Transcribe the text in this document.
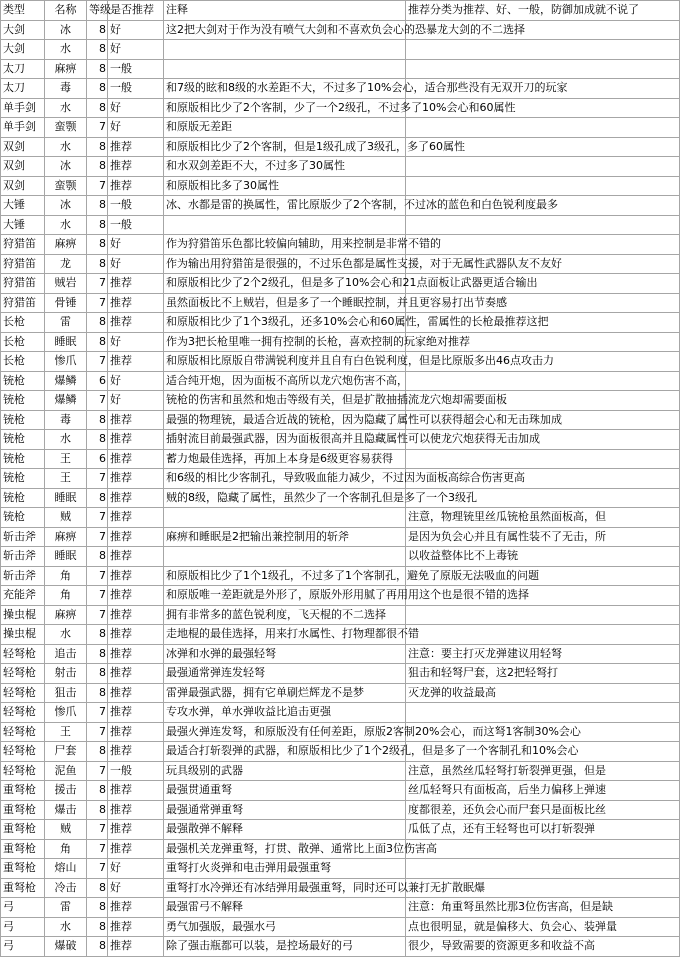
类型	名称	等级	是否推荐	注释	推荐分类为推荐、好、一般，防御加成就不说了
大剑	冰	8	好	这2把大剑对于作为没有喷气大剑和不喜欢负会心的恐暴龙大剑的不二选择	
大剑	水	8	好		
太刀	麻痹	8	一般		
太刀	毒	8	一般	和7级的眩和8级的水差距不大，不过多了10%会心，适合那些没有无双开刀的玩家	
单手剑	水	8	好	和原版相比少了2个客制，少了一个2级孔，不过多了10%会心和60属性	
单手剑	蛮颚	7	好	和原版无差距	
双剑	水	8	推荐	和原版相比少了2个客制，但是1级孔成了3级孔，多了60属性	
双剑	冰	8	推荐	和水双剑差距不大，不过多了30属性	
双剑	蛮颚	7	推荐	和原版相比多了30属性	
大锤	冰	8	一般	冰、水都是雷的换属性，雷比原版少了2个客制，不过冰的蓝色和白色锐利度最多	
大锤	水	8	一般		
狩猎笛	麻痹	8	好	作为狩猎笛乐色都比较偏向辅助，用来控制是非常不错的	
狩猎笛	龙	8	好	作为输出用狩猎笛是很强的，不过乐色都是属性支援，对于无属性武器队友不友好	
狩猎笛	贼岩	7	推荐	和原版相比少了2个2级孔，但是多了10%会心和21点面板让武器更适合输出	
狩猎笛	骨锤	7	推荐	虽然面板比不上贼岩，但是多了一个睡眠控制，并且更容易打出节奏感	
长枪	雷	8	推荐	和原版相比少了1个3级孔，还多10%会心和60属性，雷属性的长枪最推荐这把	
长枪	睡眠	8	好	作为3把长枪里唯一拥有控制的长枪，喜欢控制的玩家绝对推荐	
长枪	惨爪	7	推荐	和原版相比原版自带满锐利度并且自有白色锐利度，但是比原版多出46点攻击力	
铳枪	爆鳞	6	好	适合纯开炮，因为面板不高所以龙穴炮伤害不高，	
铳枪	爆鳞	7	好	铳枪的伤害和虽然和炮击等级有关，但是扩散抽插流龙穴炮却需要面板	
铳枪	毒	8	推荐	最强的物理铳，最适合近战的铳枪，因为隐藏了属性可以获得超会心和无击珠加成	
铳枪	水	8	推荐	插射流目前最强武器，因为面板很高并且隐藏属性可以使龙穴炮获得无击加成	
铳枪	王	6	推荐	蓄力炮最佳选择，再加上本身是6级更容易获得	
铳枪	王	7	推荐	和6级的相比少客制孔，导致吸血能力减少，不过因为面板高综合伤害更高	
铳枪	睡眠	8	推荐	贼的8级，隐藏了属性，虽然少了一个客制孔但是多了一个3级孔	
铳枪	贼	7	推荐		注意，物理铳里丝瓜铳枪虽然面板高，但
斩击斧	麻痹	7	推荐	麻痹和睡眠是2把输出兼控制用的斩斧	是因为负会心并且有属性装不了无击，所
斩击斧	睡眠	8	推荐		以收益整体比不上毒铳
斩击斧	角	7	推荐	和原版相比少了1个1级孔，不过多了1个客制孔，避免了原版无法吸血的问题	
充能斧	角	7	推荐	和原版唯一差距就是外形了，原版外形用腻了再用用这个也是很不错的选择	
操虫棍	麻痹	7	推荐	拥有非常多的蓝色锐利度，飞天棍的不二选择	
操虫棍	水	8	推荐	走地棍的最佳选择，用来打水属性、打物理都很不错	
轻弩枪	追击	8	推荐	冰弹和水弹的最强轻弩	注意：要主打灭龙弹建议用轻弩
轻弩枪	射击	8	推荐	最强通常弹连发轻弩	狙击和轻弩尸套，这2把轻弩打
轻弩枪	狙击	8	推荐	雷弹最强武器，拥有它单刷烂辉龙不是梦	灭龙弹的收益最高
轻弩枪	惨爪	7	推荐	专攻水弹，单水弹收益比追击更强	
轻弩枪	王	7	推荐	最强火弹连发弩，和原版没有任何差距，原版2客制20%会心，而这弩1客制30%会心	
轻弩枪	尸套	8	推荐	最适合打斩裂弹的武器，和原版相比少了1个2级孔，但是多了一个客制孔和10%会心	
轻弩枪	泥鱼	7	一般	玩具级别的武器	注意，虽然丝瓜轻弩打斩裂弹更强，但是
重弩枪	援击	8	推荐	最强贯通重弩	丝瓜轻弩只有面板高，后坐力偏移上弹速
重弩枪	爆击	8	推荐	最强通常弹重弩	度都很差，还负会心而尸套只是面板比丝
重弩枪	贼	7	推荐	最强散弹不解释	瓜低了点，还有王轻弩也可以打斩裂弹
重弩枪	角	7	推荐	最强机关龙弹重弩，打贯、散弹、通常比上面3位伤害高	
重弩枪	熔山	7	好	重弩打火炎弹和电击弹用最强重弩	
重弩枪	冷击	8	好	重弩打水冷弹还有冰结弹用最强重弩，同时还可以兼打无扩散眠爆	
弓	雷	8	推荐	最强雷弓不解释	注意：角重弩虽然比那3位伤害高，但是缺
弓	水	8	推荐	勇气加强版，最强水弓	点也很明显，就是偏移大、负会心、装弹量
弓	爆破	8	推荐	除了强击瓶都可以装，是控场最好的弓	很少，导致需要的资源更多和收益不高
